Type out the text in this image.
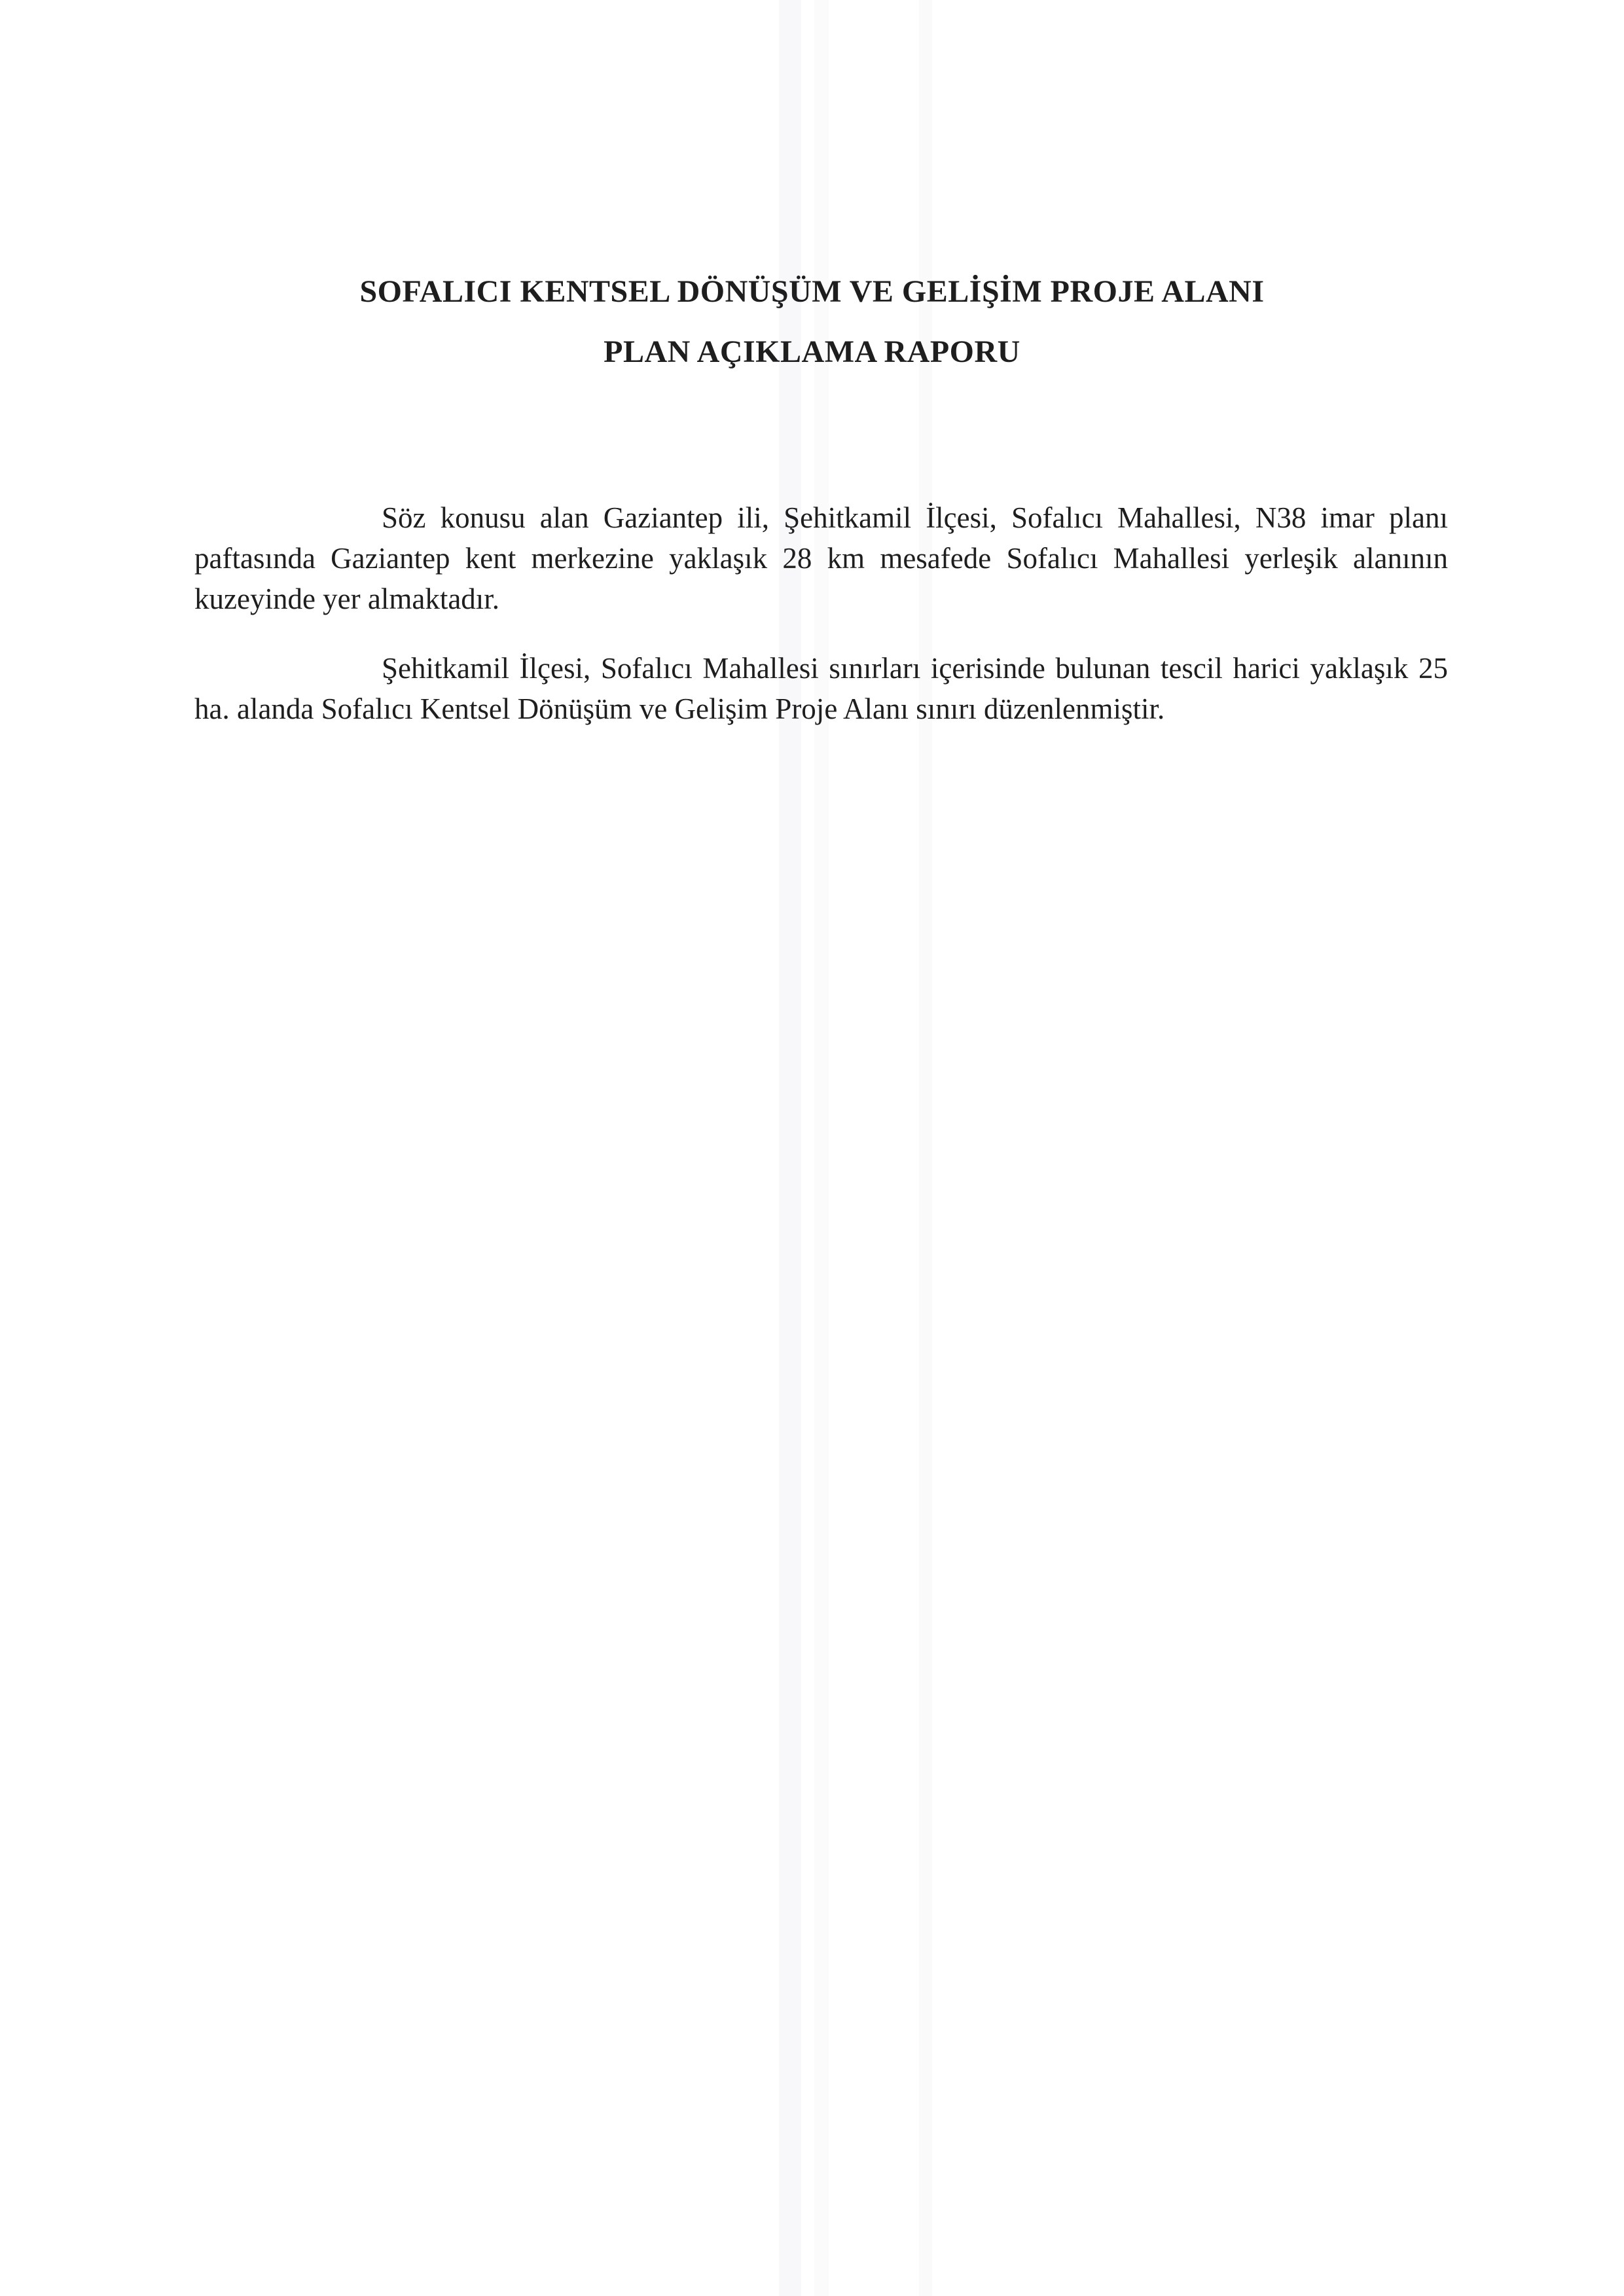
SOFALICI KENTSEL DÖNÜŞÜM VE GELİŞİM PROJE ALANI
PLAN AÇIKLAMA RAPORU

Söz konusu alan Gaziantep ili, Şehitkamil İlçesi, Sofalıcı Mahallesi, N38 imar planı paftasında Gaziantep kent merkezine yaklaşık 28 km mesafede Sofalıcı Mahallesi yerleşik alanının kuzeyinde yer almaktadır.

Şehitkamil İlçesi, Sofalıcı Mahallesi sınırları içerisinde bulunan tescil harici yaklaşık 25 ha. alanda Sofalıcı Kentsel Dönüşüm ve Gelişim Proje Alanı sınırı düzenlenmiştir.
